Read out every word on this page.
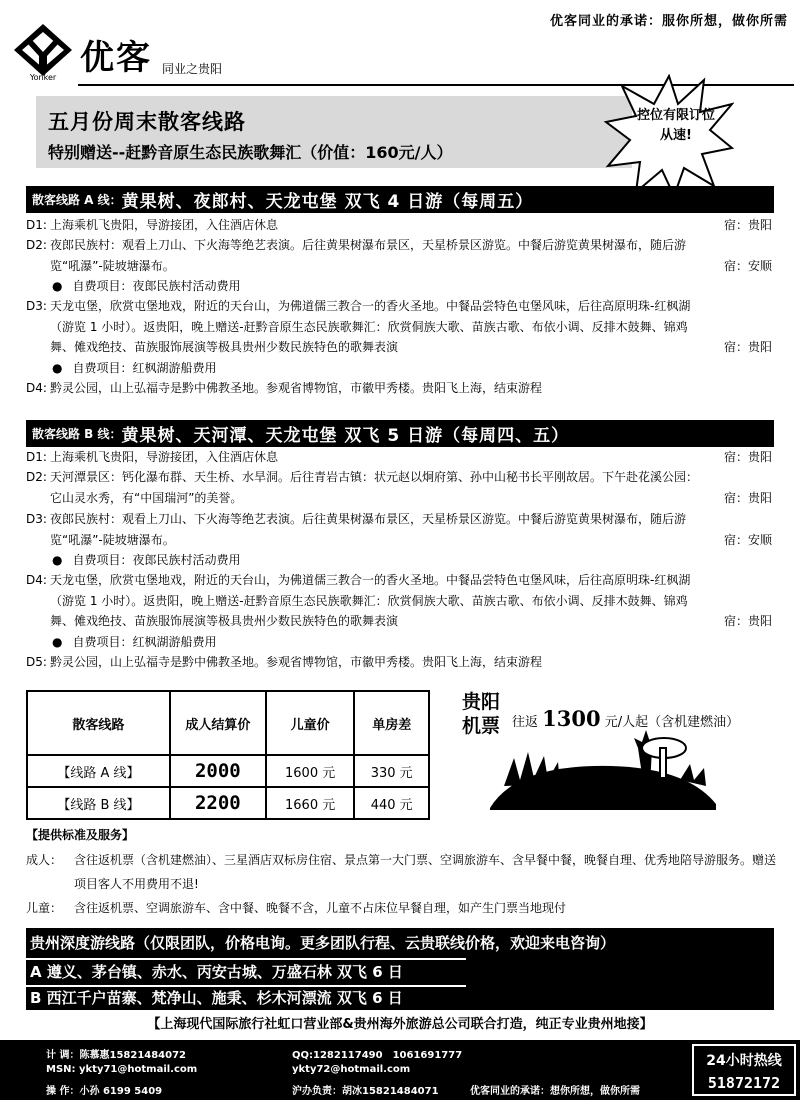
优客同业的承诺：服你所想，做你所需
Yonker 优客 同业之贵阳
五月份周末散客线路
特别赠送--赶黔音原生态民族歌舞汇（价值：160元/人）
控位有限订位从速!
散客线路 A 线： 黄果树、夜郎村、天龙屯堡 双飞 4 日游（每周五）
D1: 上海乘机飞贵阳，导游接团，入住酒店休息	宿：贵阳
D2: 夜郎民族村：观看上刀山、下火海等绝艺表演。后往黄果树瀑布景区，天星桥景区游览。中餐后游览黄果树瀑布，随后游览“吼瀑”-陡坡塘瀑布。	宿：安顺
● 自费项目：夜郎民族村活动费用
D3: 天龙屯堡，欣赏屯堡地戏，附近的天台山，为佛道儒三教合一的香火圣地。中餐品尝特色屯堡风味，后往高原明珠-红枫湖（游览 1 小时）。返贵阳，晚上赠送-赶黔音原生态民族歌舞汇：欣赏侗族大歌、苗族古歌、布依小调、反排木鼓舞、锦鸡舞、傩戏绝技、苗族服饰展演等极具贵州少数民族特色的歌舞表演	宿：贵阳
● 自费项目：红枫湖游船费用
D4: 黔灵公园，山上弘福寺是黔中佛教圣地。参观省博物馆，市徽甲秀楼。贵阳飞上海，结束游程
散客线路 B 线： 黄果树、天河潭、天龙屯堡 双飞 5 日游（每周四、五）
D1: 上海乘机飞贵阳，导游接团，入住酒店休息	宿：贵阳
D2: 天河潭景区：钙化瀑布群、天生桥、水旱洞。后往青岩古镇：状元赵以炯府第、孙中山秘书长平刚故居。下午赴花溪公园：它山灵水秀，有“中国瑞河”的美誉。	宿：贵阳
D3: 夜郎民族村：观看上刀山、下火海等绝艺表演。后往黄果树瀑布景区，天星桥景区游览。中餐后游览黄果树瀑布，随后游览“吼瀑”-陡坡塘瀑布。	宿：安顺
● 自费项目：夜郎民族村活动费用
D4: 天龙屯堡，欣赏屯堡地戏，附近的天台山，为佛道儒三教合一的香火圣地。中餐品尝特色屯堡风味，后往高原明珠-红枫湖（游览 1 小时）。返贵阳，晚上赠送-赶黔音原生态民族歌舞汇：欣赏侗族大歌、苗族古歌、布依小调、反排木鼓舞、锦鸡舞、傩戏绝技、苗族服饰展演等极具贵州少数民族特色的歌舞表演	宿：贵阳
● 自费项目：红枫湖游船费用
D5: 黔灵公园，山上弘福寺是黔中佛教圣地。参观省博物馆，市徽甲秀楼。贵阳飞上海，结束游程
散客线路	成人结算价	儿童价	单房差
【线路 A 线】	2000	1600 元	330 元
【线路 B 线】	2200	1660 元	440 元
贵阳机票 往返 1300 元/人起（含机建燃油）
【提供标准及服务】
成人： 含往返机票（含机建燃油）、三星酒店双标房住宿、景点第一大门票、空调旅游车、含早餐中餐，晚餐自理、优秀地陪导游服务。赠送项目客人不用费用不退!
儿童： 含往返机票、空调旅游车、含中餐、晚餐不含，儿童不占床位早餐自理，如产生门票当地现付
贵州深度游线路（仅限团队，价格电询。更多团队行程、云贵联线价格，欢迎来电咨询）
A 遵义、茅台镇、赤水、丙安古城、万盛石林 双飞 6 日
B 西江千户苗寨、梵净山、施秉、杉木河漂流 双飞 6 日
【上海现代国际旅行社虹口营业部&贵州海外旅游总公司联合打造，纯正专业贵州地接】
计 调：陈慕惠15821484072	QQ:1282117490　1061691777
MSN: ykty71@hotmail.com	ykty72@hotmail.com
操 作：小孙 6199 5409	沪办负责：胡冰15821484071	优客同业的承诺：想你所想，做你所需
24小时热线
51872172
